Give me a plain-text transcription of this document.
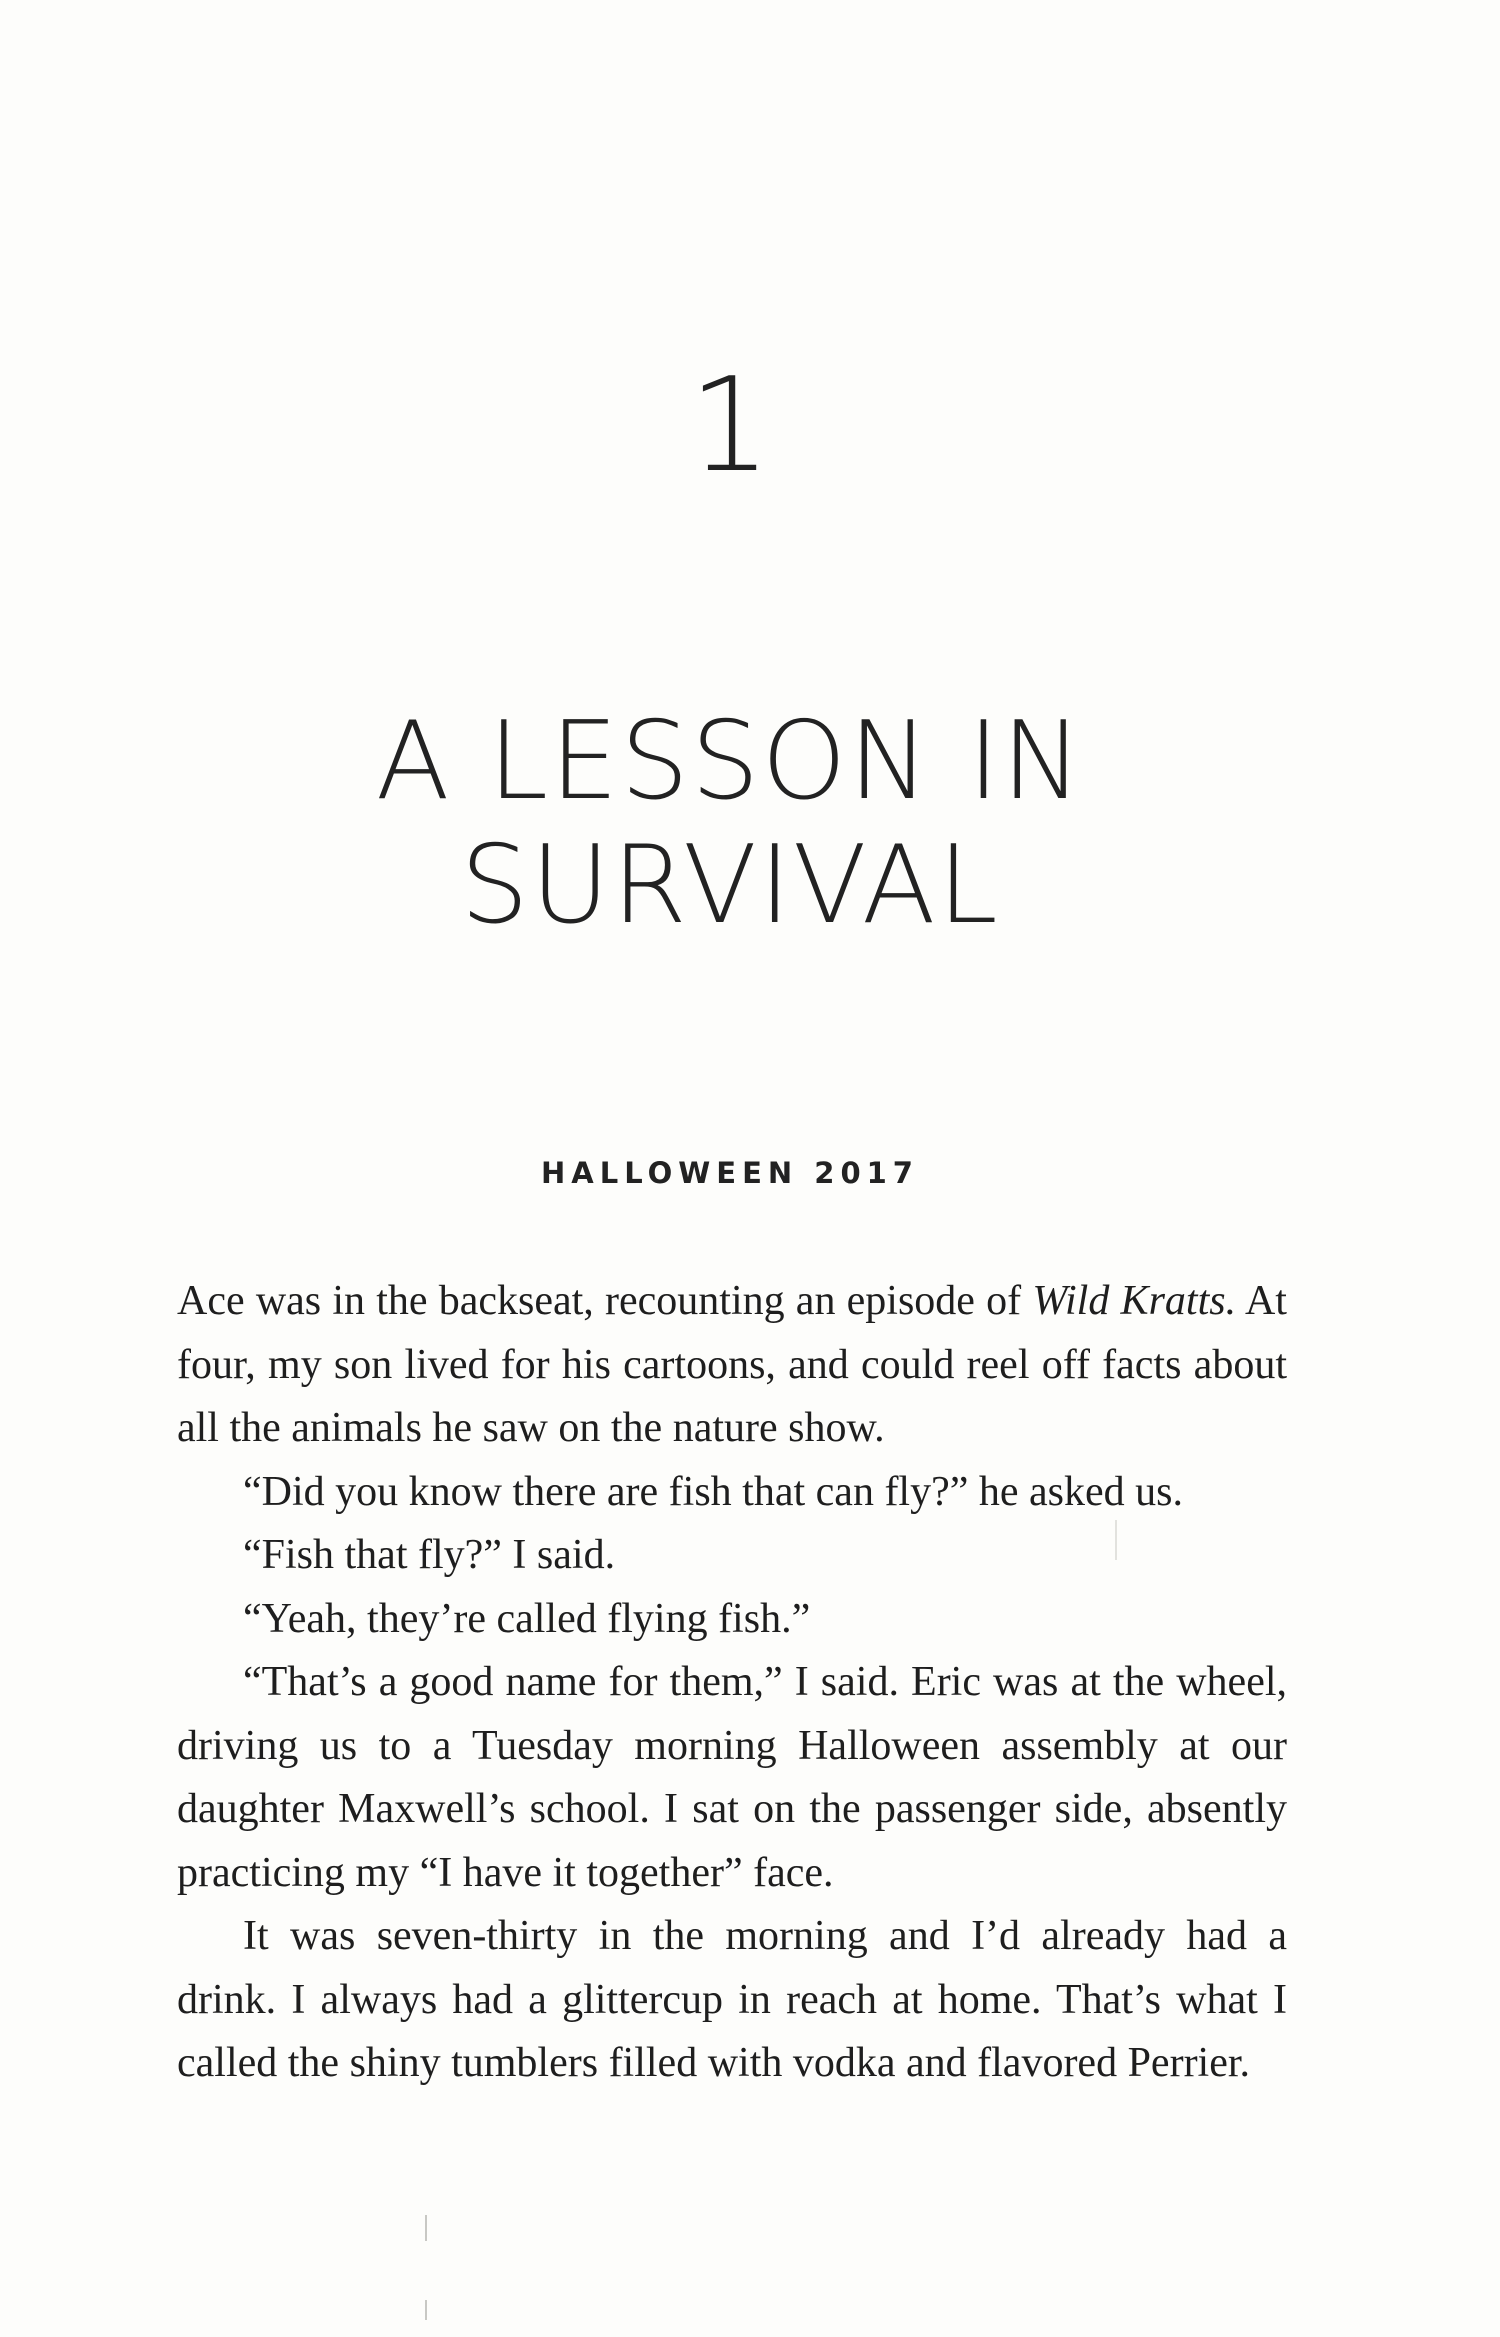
1
A LESSON IN
SURVIVAL
HALLOWEEN 2017

Ace was in the backseat, recounting an episode of Wild Kratts. At four, my son lived for his cartoons, and could reel off facts about all the animals he saw on the nature show.

“Did you know there are fish that can fly?” he asked us.

“Fish that fly?” I said.

“Yeah, they’re called flying fish.”

“That’s a good name for them,” I said. Eric was at the wheel, driving us to a Tuesday morning Halloween assembly at our daughter Maxwell’s school. I sat on the passenger side, absently practicing my “I have it together” face.

It was seven-thirty in the morning and I’d already had a drink. I always had a glittercup in reach at home. That’s what I called the shiny tumblers filled with vodka and flavored Perrier.
